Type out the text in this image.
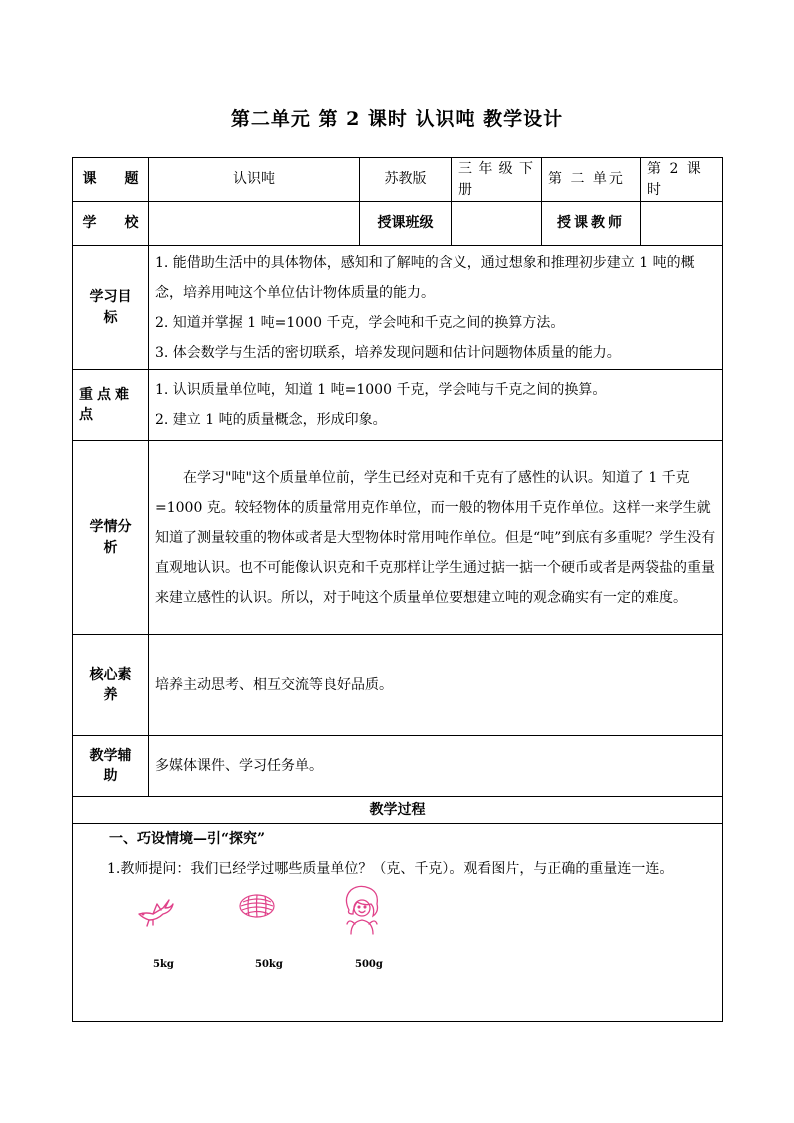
第二单元 第 2 课时 认识吨 教学设计
课　　题	认识吨	苏教版	三年级下册	第 二 单元	第 2 课时
学　　校		授课班级		授课教师	
学习目标	1. 能借助生活中的具体物体，感知和了解吨的含义，通过想象和推理初步建立 1 吨的概念，培养用吨这个单位估计物体质量的能力。

2. 知道并掌握 1 吨=1000 千克，学会吨和千克之间的换算方法。

3. 体会数学与生活的密切联系，培养发现问题和估计问题物体质量的能力。				

重点难点	1. 认识质量单位吨，知道 1 吨=1000 千克，学会吨与千克之间的换算。

2. 建立 1 吨的质量概念，形成印象。				

学情分析	在学习"吨"这个质量单位前，学生已经对克和千克有了感性的认识。知道了 1 千克=1000 克。较轻物体的质量常用克作单位，而一般的物体用千克作单位。这样一来学生就知道了测量较重的物体或者是大型物体时常用吨作单位。但是“吨”到底有多重呢？学生没有直观地认识。也不可能像认识克和千克那样让学生通过掂一掂一个硬币或者是两袋盐的重量来建立感性的认识。所以，对于吨这个质量单位要想建立吨的观念确实有一定的难度。				

核心素养	培养主动思考、相互交流等良好品质。				

教学辅助	多媒体课件、学习任务单。				

教学过程					

一、巧设情境—引“探究”

1.教师提问：我们已经学过哪些质量单位？（克、千克）。观看图片，与正确的重量连一连。

5kg 50kg 500g					
